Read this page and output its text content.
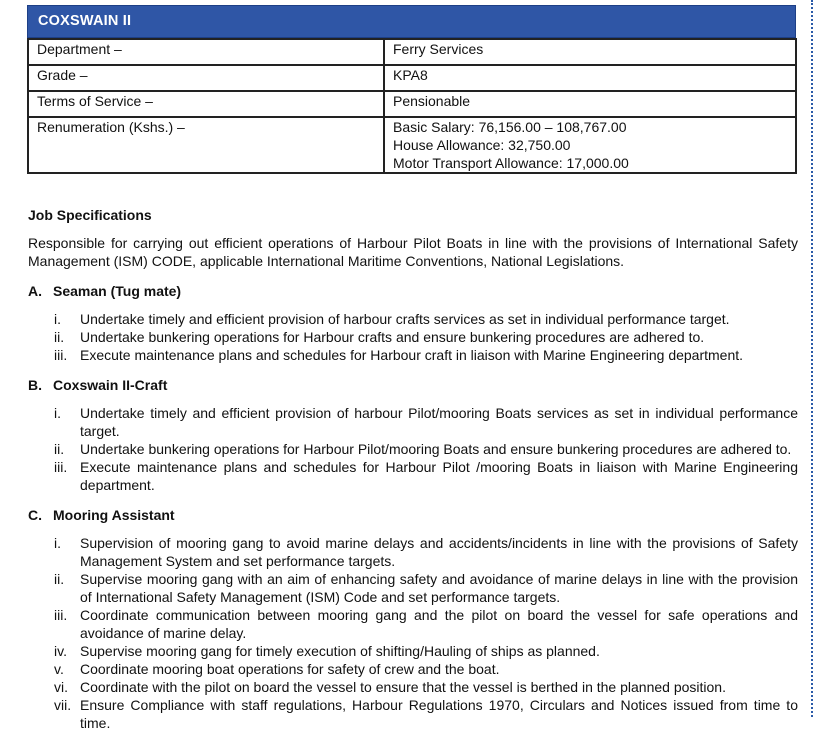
COXSWAIN II
Department –	Ferry Services
Grade –	KPA8
Terms of Service –	Pensionable
Renumeration (Kshs.) –	Basic Salary: 76,156.00 – 108,767.00
House Allowance: 32,750.00
Motor Transport Allowance: 17,000.00

Job Specifications

Responsible for carrying out efficient operations of Harbour Pilot Boats in line with the provisions of International Safety Management (ISM) CODE, applicable International Maritime Conventions, National Legislations.

A. Seaman (Tug mate)
i.	Undertake timely and efficient provision of harbour crafts services as set in individual performance target.
ii.	Undertake bunkering operations for Harbour crafts and ensure bunkering procedures are adhered to.
iii. Execute maintenance plans and schedules for Harbour craft in liaison with Marine Engineering department.
B. Coxswain II-Craft
i.	Undertake timely and efficient provision of harbour Pilot/mooring Boats services as set in individual performance target.
ii.	Undertake bunkering operations for Harbour Pilot/mooring Boats and ensure bunkering procedures are adhered to.
iii. Execute maintenance plans and schedules for Harbour Pilot /mooring Boats in liaison with Marine Engineering department.
C. Mooring Assistant
i.	Supervision of mooring gang to avoid marine delays and accidents/incidents in line with the provisions of Safety Management System and set performance targets.
ii.	Supervise mooring gang with an aim of enhancing safety and avoidance of marine delays in line with the provision of International Safety Management (ISM) Code and set performance targets.
iii. Coordinate communication between mooring gang and the pilot on board the vessel for safe operations and avoidance of marine delay.
iv. Supervise mooring gang for timely execution of shifting/Hauling of ships as planned.
v.	Coordinate mooring boat operations for safety of crew and the boat.
vi. Coordinate with the pilot on board the vessel to ensure that the vessel is berthed in the planned position.
vii. Ensure Compliance with staff regulations, Harbour Regulations 1970, Circulars and Notices issued from time to time.
